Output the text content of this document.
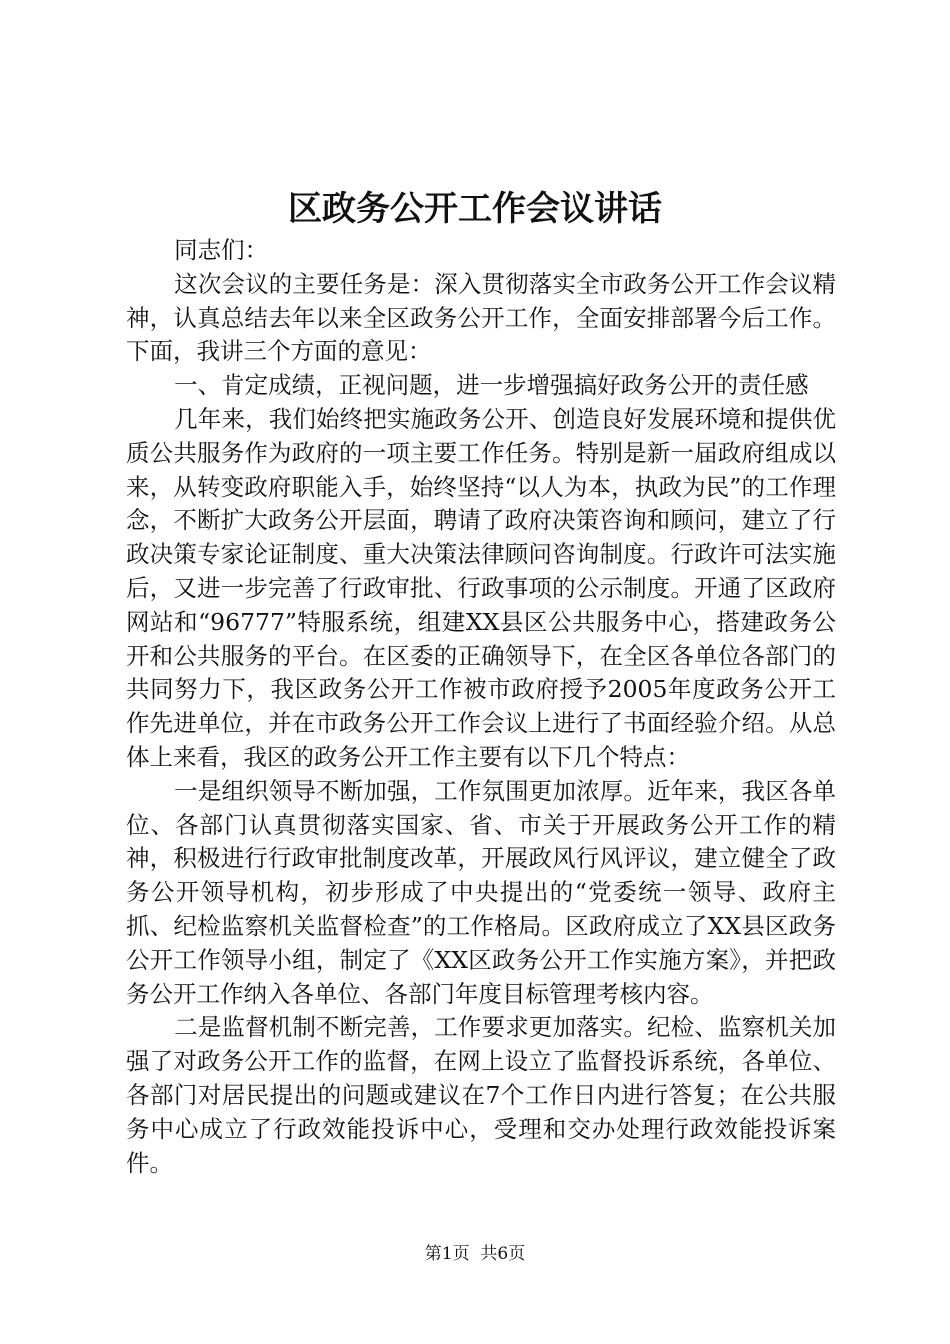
区政务公开工作会议讲话

同志们：

这次会议的主要任务是：深入贯彻落实全市政务公开工作会议精神，认真总结去年以来全区政务公开工作，全面安排部署今后工作。下面，我讲三个方面的意见：

一、肯定成绩，正视问题，进一步增强搞好政务公开的责任感

几年来，我们始终把实施政务公开、创造良好发展环境和提供优质公共服务作为政府的一项主要工作任务。特别是新一届政府组成以来，从转变政府职能入手，始终坚持“以人为本，执政为民”的工作理念，不断扩大政务公开层面，聘请了政府决策咨询和顾问，建立了行政决策专家论证制度、重大决策法律顾问咨询制度。行政许可法实施后，又进一步完善了行政审批、行政事项的公示制度。开通了区政府网站和“96777”特服系统，组建XX县区公共服务中心，搭建政务公开和公共服务的平台。在区委的正确领导下，在全区各单位各部门的共同努力下，我区政务公开工作被市政府授予2005年度政务公开工作先进单位，并在市政务公开工作会议上进行了书面经验介绍。从总体上来看，我区的政务公开工作主要有以下几个特点：

一是组织领导不断加强，工作氛围更加浓厚。近年来，我区各单位、各部门认真贯彻落实国家、省、市关于开展政务公开工作的精神，积极进行行政审批制度改革，开展政风行风评议，建立健全了政务公开领导机构，初步形成了中央提出的“党委统一领导、政府主抓、纪检监察机关监督检查”的工作格局。区政府成立了XX县区政务公开工作领导小组，制定了《XX区政务公开工作实施方案》，并把政务公开工作纳入各单位、各部门年度目标管理考核内容。

二是监督机制不断完善，工作要求更加落实。纪检、监察机关加强了对政务公开工作的监督，在网上设立了监督投诉系统，各单位、各部门对居民提出的问题或建议在7个工作日内进行答复；在公共服务中心成立了行政效能投诉中心，受理和交办处理行政效能投诉案件。

第1页 共6页
